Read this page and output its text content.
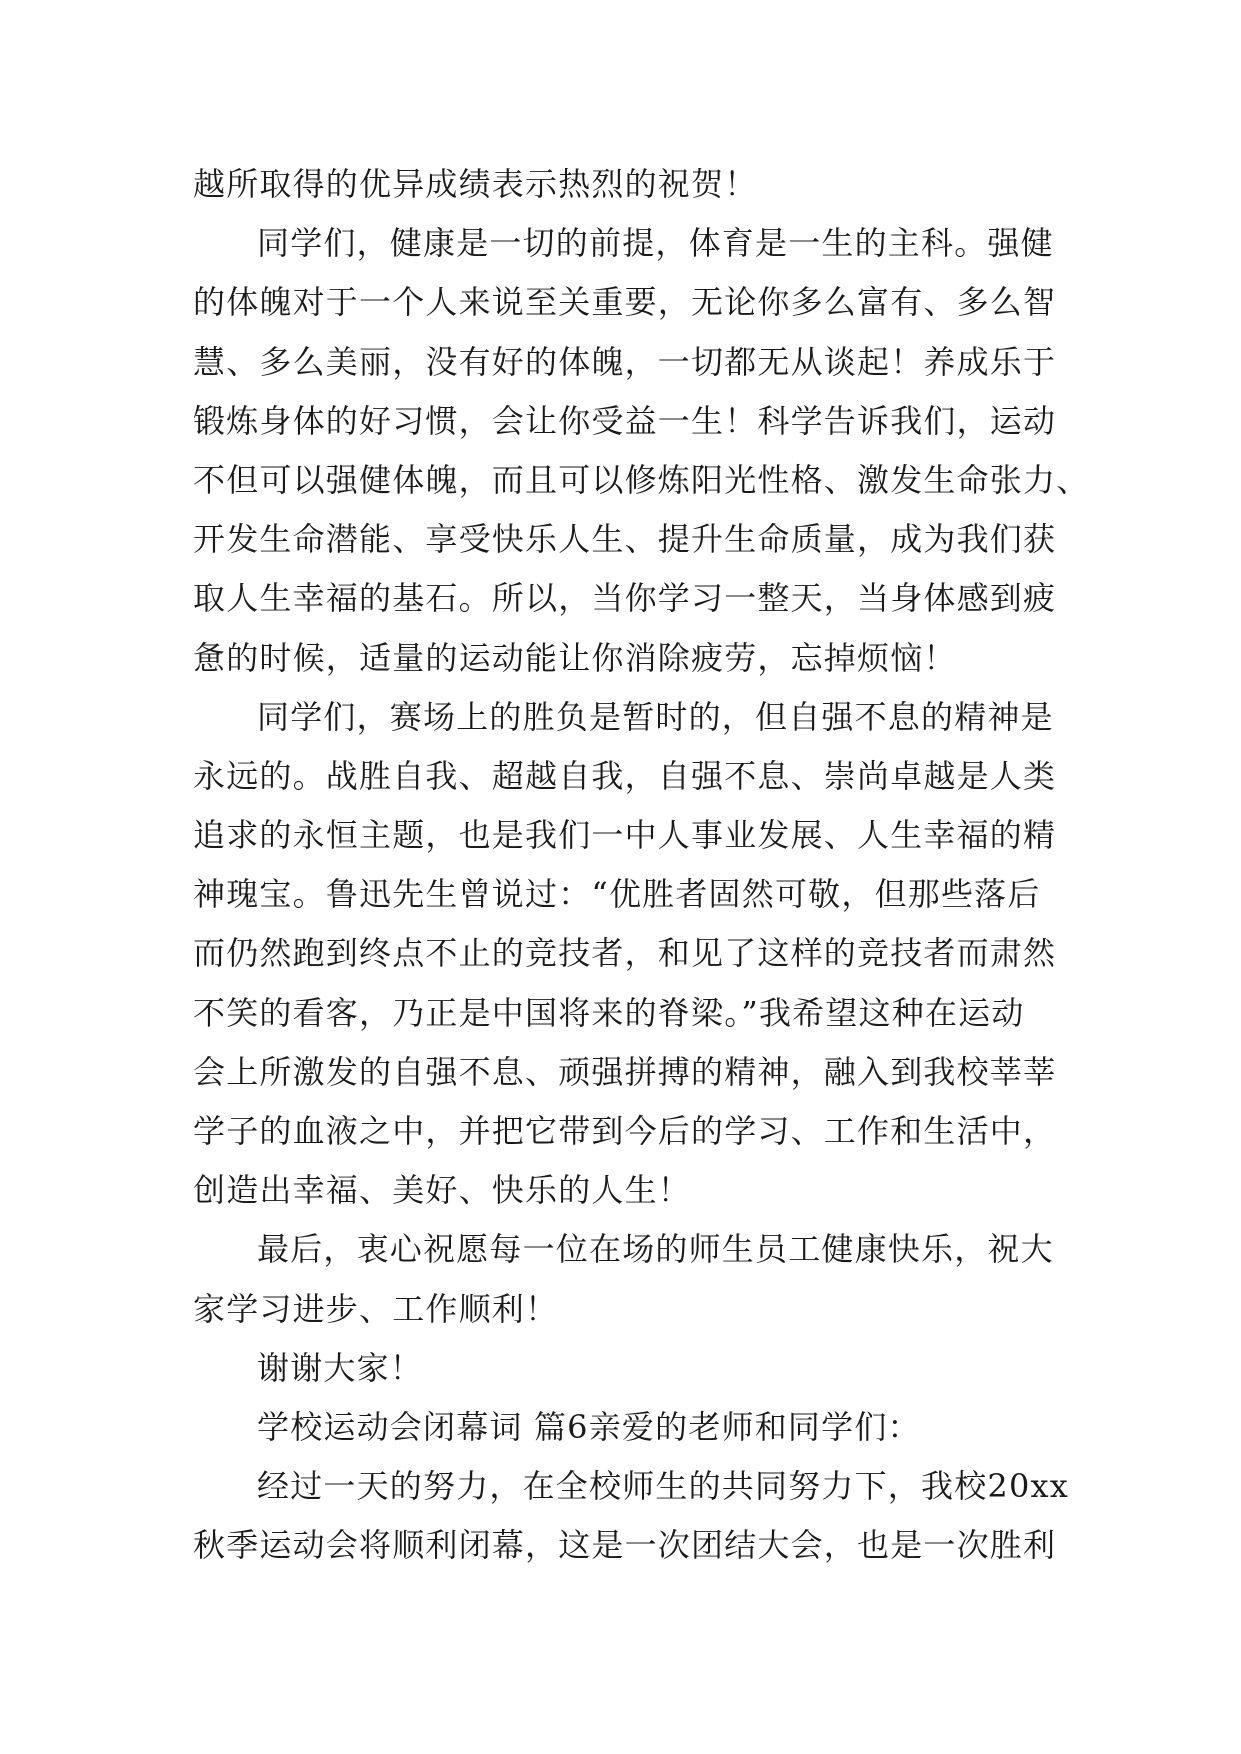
越所取得的优异成绩表示热烈的祝贺！
同学们，健康是一切的前提，体育是一生的主科。强健
的体魄对于一个人来说至关重要，无论你多么富有、多么智
慧、多么美丽，没有好的体魄，一切都无从谈起！养成乐于
锻炼身体的好习惯，会让你受益一生！科学告诉我们，运动
不但可以强健体魄，而且可以修炼阳光性格、激发生命张力、
开发生命潜能、享受快乐人生、提升生命质量，成为我们获
取人生幸福的基石。所以，当你学习一整天，当身体感到疲
惫的时候，适量的运动能让你消除疲劳，忘掉烦恼！
同学们，赛场上的胜负是暂时的，但自强不息的精神是
永远的。战胜自我、超越自我，自强不息、崇尚卓越是人类
追求的永恒主题，也是我们一中人事业发展、人生幸福的精
神瑰宝。鲁迅先生曾说过：“优胜者固然可敬，但那些落后
而仍然跑到终点不止的竞技者，和见了这样的竞技者而肃然
不笑的看客，乃正是中国将来的脊梁。”我希望这种在运动
会上所激发的自强不息、顽强拼搏的精神，融入到我校莘莘
学子的血液之中，并把它带到今后的学习、工作和生活中，
创造出幸福、美好、快乐的人生！
最后，衷心祝愿每一位在场的师生员工健康快乐，祝大
家学习进步、工作顺利！
谢谢大家！
学校运动会闭幕词 篇6亲爱的老师和同学们：
经过一天的努力，在全校师生的共同努力下，我校20xx
秋季运动会将顺利闭幕，这是一次团结大会，也是一次胜利
